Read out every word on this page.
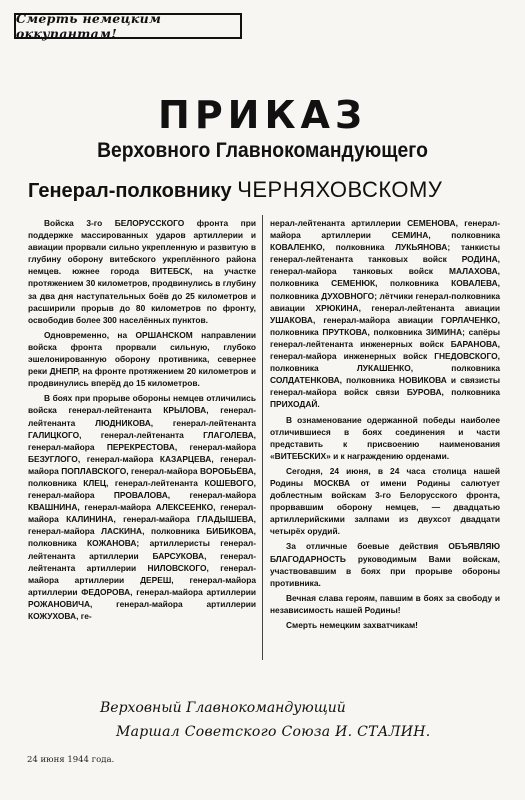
Смерть немецким оккупантам!
ПРИКАЗ
Верховного Главнокомандующего
Генерал-полковнику ЧЕРНЯХОВСКОМУ

Войска 3-го БЕЛОРУССКОГО фронта при поддержке массированных ударов артиллерии и авиации прорвали сильно укрепленную и развитую в глубину оборону витебского укреплённого района немцев. южнее города ВИТЕБСК, на участке протяжением 30 километров, продвинулись в глубину за два дня наступательных боёв до 25 километров и расширили прорыв до 80 километров по фронту, освободив более 300 населённых пунктов.

Одновременно, на ОРШАНСКОМ направлении войска фронта прорвали сильную, глубоко эшелонированную оборону противника, севернее реки ДНЕПР, на фронте протяжением 20 километров и продвинулись вперёд до 15 километров.

В боях при прорыве обороны немцев отличились войска генерал-лейтенанта КРЫЛОВА, генерал-лейтенанта ЛЮДНИКОВА, генерал-лейтенанта ГАЛИЦКОГО, генерал-лейтенанта ГЛАГОЛЕВА, генерал-майора ПЕРЕКРЕСТОВА, генерал-майора БЕЗУГЛОГО, генерал-майора КАЗАРЦЕВА, генерал-майора ПОПЛАВСКОГО, генерал-майора ВОРОБЬЁВА, полковника КЛЕЦ, генерал-лейтенанта КОШЕВОГО, генерал-майора ПРОВАЛОВА, генерал-майора КВАШНИНА, генерал-майора АЛЕКСЕЕНКО, генерал-майора КАЛИНИНА, генерал-майора ГЛАДЫШЕВА, генерал-майора ЛАСКИНА, полковника БИБИКОВА, полковника КОЖАНОВА; артиллеристы генерал-лейтенанта артиллерии БАРСУКОВА, генерал-лейтенанта артиллерии НИЛОВСКОГО, генерал-майора артиллерии ДЕРЕШ, генерал-майора артиллерии ФЕДОРОВА, генерал-майора артиллерии РОЖАНОВИЧА, генерал-майора артиллерии КОЖУХОВА, ге-

нерал-лейтенанта артиллерии СЕМЕНОВА, генерал-майора артиллерии СЕМИНА, полковника КОВАЛЕНКО, полковника ЛУКЬЯНОВА; танкисты генерал-лейтенанта танковых войск РОДИНА, генерал-майора танковых войск МАЛАХОВА, полковника СЕМЕНЮК, полковника КОВАЛЕВА, полковника ДУХОВНОГО; лётчики генерал-полковника авиации ХРЮКИНА, генерал-лейтенанта авиации УШАКОВА, генерал-майора авиации ГОРЛАЧЕНКО, полковника ПРУТКОВА, полковника ЗИМИНА; сапёры генерал-лейтенанта инженерных войск БАРАНОВА, генерал-майора инженерных войск ГНЕДОВСКОГО, полковника ЛУКАШЕНКО, полковника СОЛДАТЕНКОВА, полковника НОВИКОВА и связисты генерал-майора войск связи БУРОВА, полковника ПРИХОДАЙ.

В ознаменование одержанной победы наиболее отличившиеся в боях соединения и части представить к присвоению наименования «ВИТЕБСКИХ» и к награждению орденами.

Сегодня, 24 июня, в 24 часа столица нашей Родины МОСКВА от имени Родины салютует доблестным войскам 3-го Белорусского фронта, прорвавшим оборону немцев, — двадцатью артиллерийскими залпами из двухсот двадцати четырёх орудий.

За отличные боевые действия ОБЪЯВЛЯЮ БЛАГОДАРНОСТЬ руководимым Вами войскам, участвовавшим в боях при прорыве обороны противника.

Вечная слава героям, павшим в боях за свободу и независимость нашей Родины!

Смерть немецким захватчикам!

Верховный Главнокомандующий
Маршал Советского Союза И. СТАЛИН.
24 июня 1944 года.
